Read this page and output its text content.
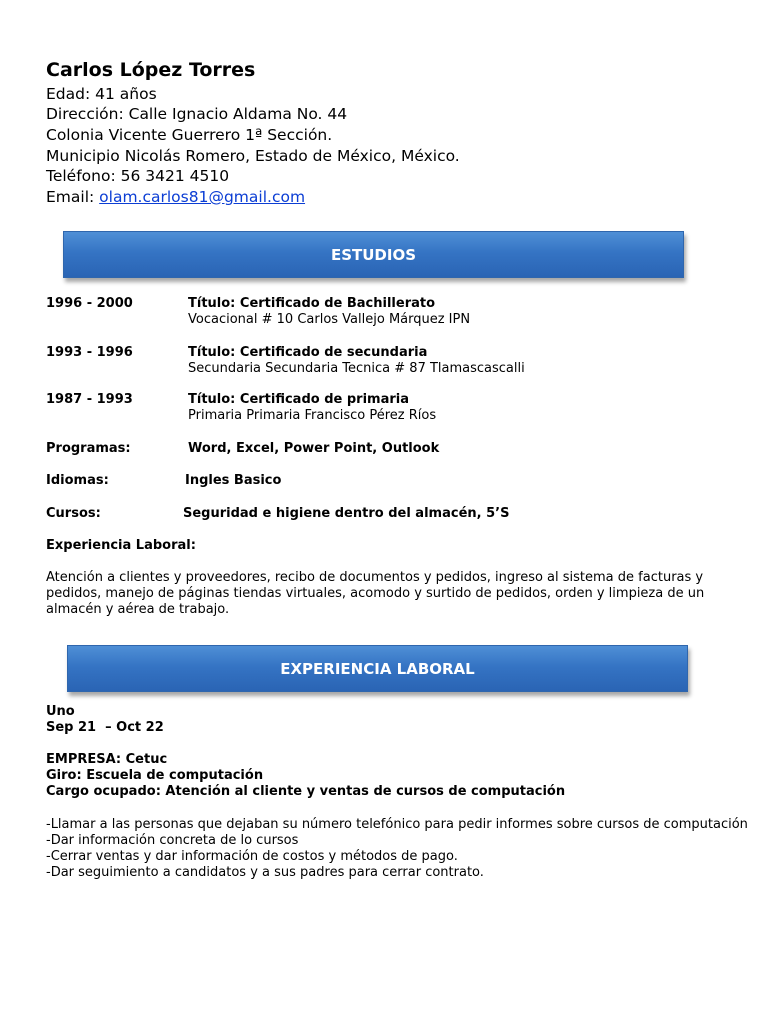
Carlos López Torres
Edad: 41 años
Dirección: Calle Ignacio Aldama No. 44
Colonia Vicente Guerrero 1ª Sección.
Municipio Nicolás Romero, Estado de México, México.
Teléfono: 56 3421 4510
Email: olam.carlos81@gmail.com
ESTUDIOS
1996 - 2000	Título: Certificado de Bachillerato
Vocacional # 10 Carlos Vallejo Márquez IPN
1993 - 1996	Título: Certificado de secundaria
Secundaria Secundaria Tecnica # 87 Tlamascascalli
1987 - 1993	Título: Certificado de primaria
Primaria Primaria Francisco Pérez Ríos
Programas:	Word, Excel, Power Point, Outlook
Idiomas:	Ingles Basico
Cursos:	Seguridad e higiene dentro del almacén, 5’S
Experiencia Laboral:
Atención a clientes y proveedores, recibo de documentos y pedidos, ingreso al sistema de facturas y pedidos, manejo de páginas tiendas virtuales, acomodo y surtido de pedidos, orden y limpieza de un almacén y aérea de trabajo.
EXPERIENCIA LABORAL
Uno
Sep 21  – Oct 22
EMPRESA: Cetuc
Giro: Escuela de computación
Cargo ocupado: Atención al cliente y ventas de cursos de computación
-Llamar a las personas que dejaban su número telefónico para pedir informes sobre cursos de computación
-Dar información concreta de lo cursos
-Cerrar ventas y dar información de costos y métodos de pago.
-Dar seguimiento a candidatos y a sus padres para cerrar contrato.
